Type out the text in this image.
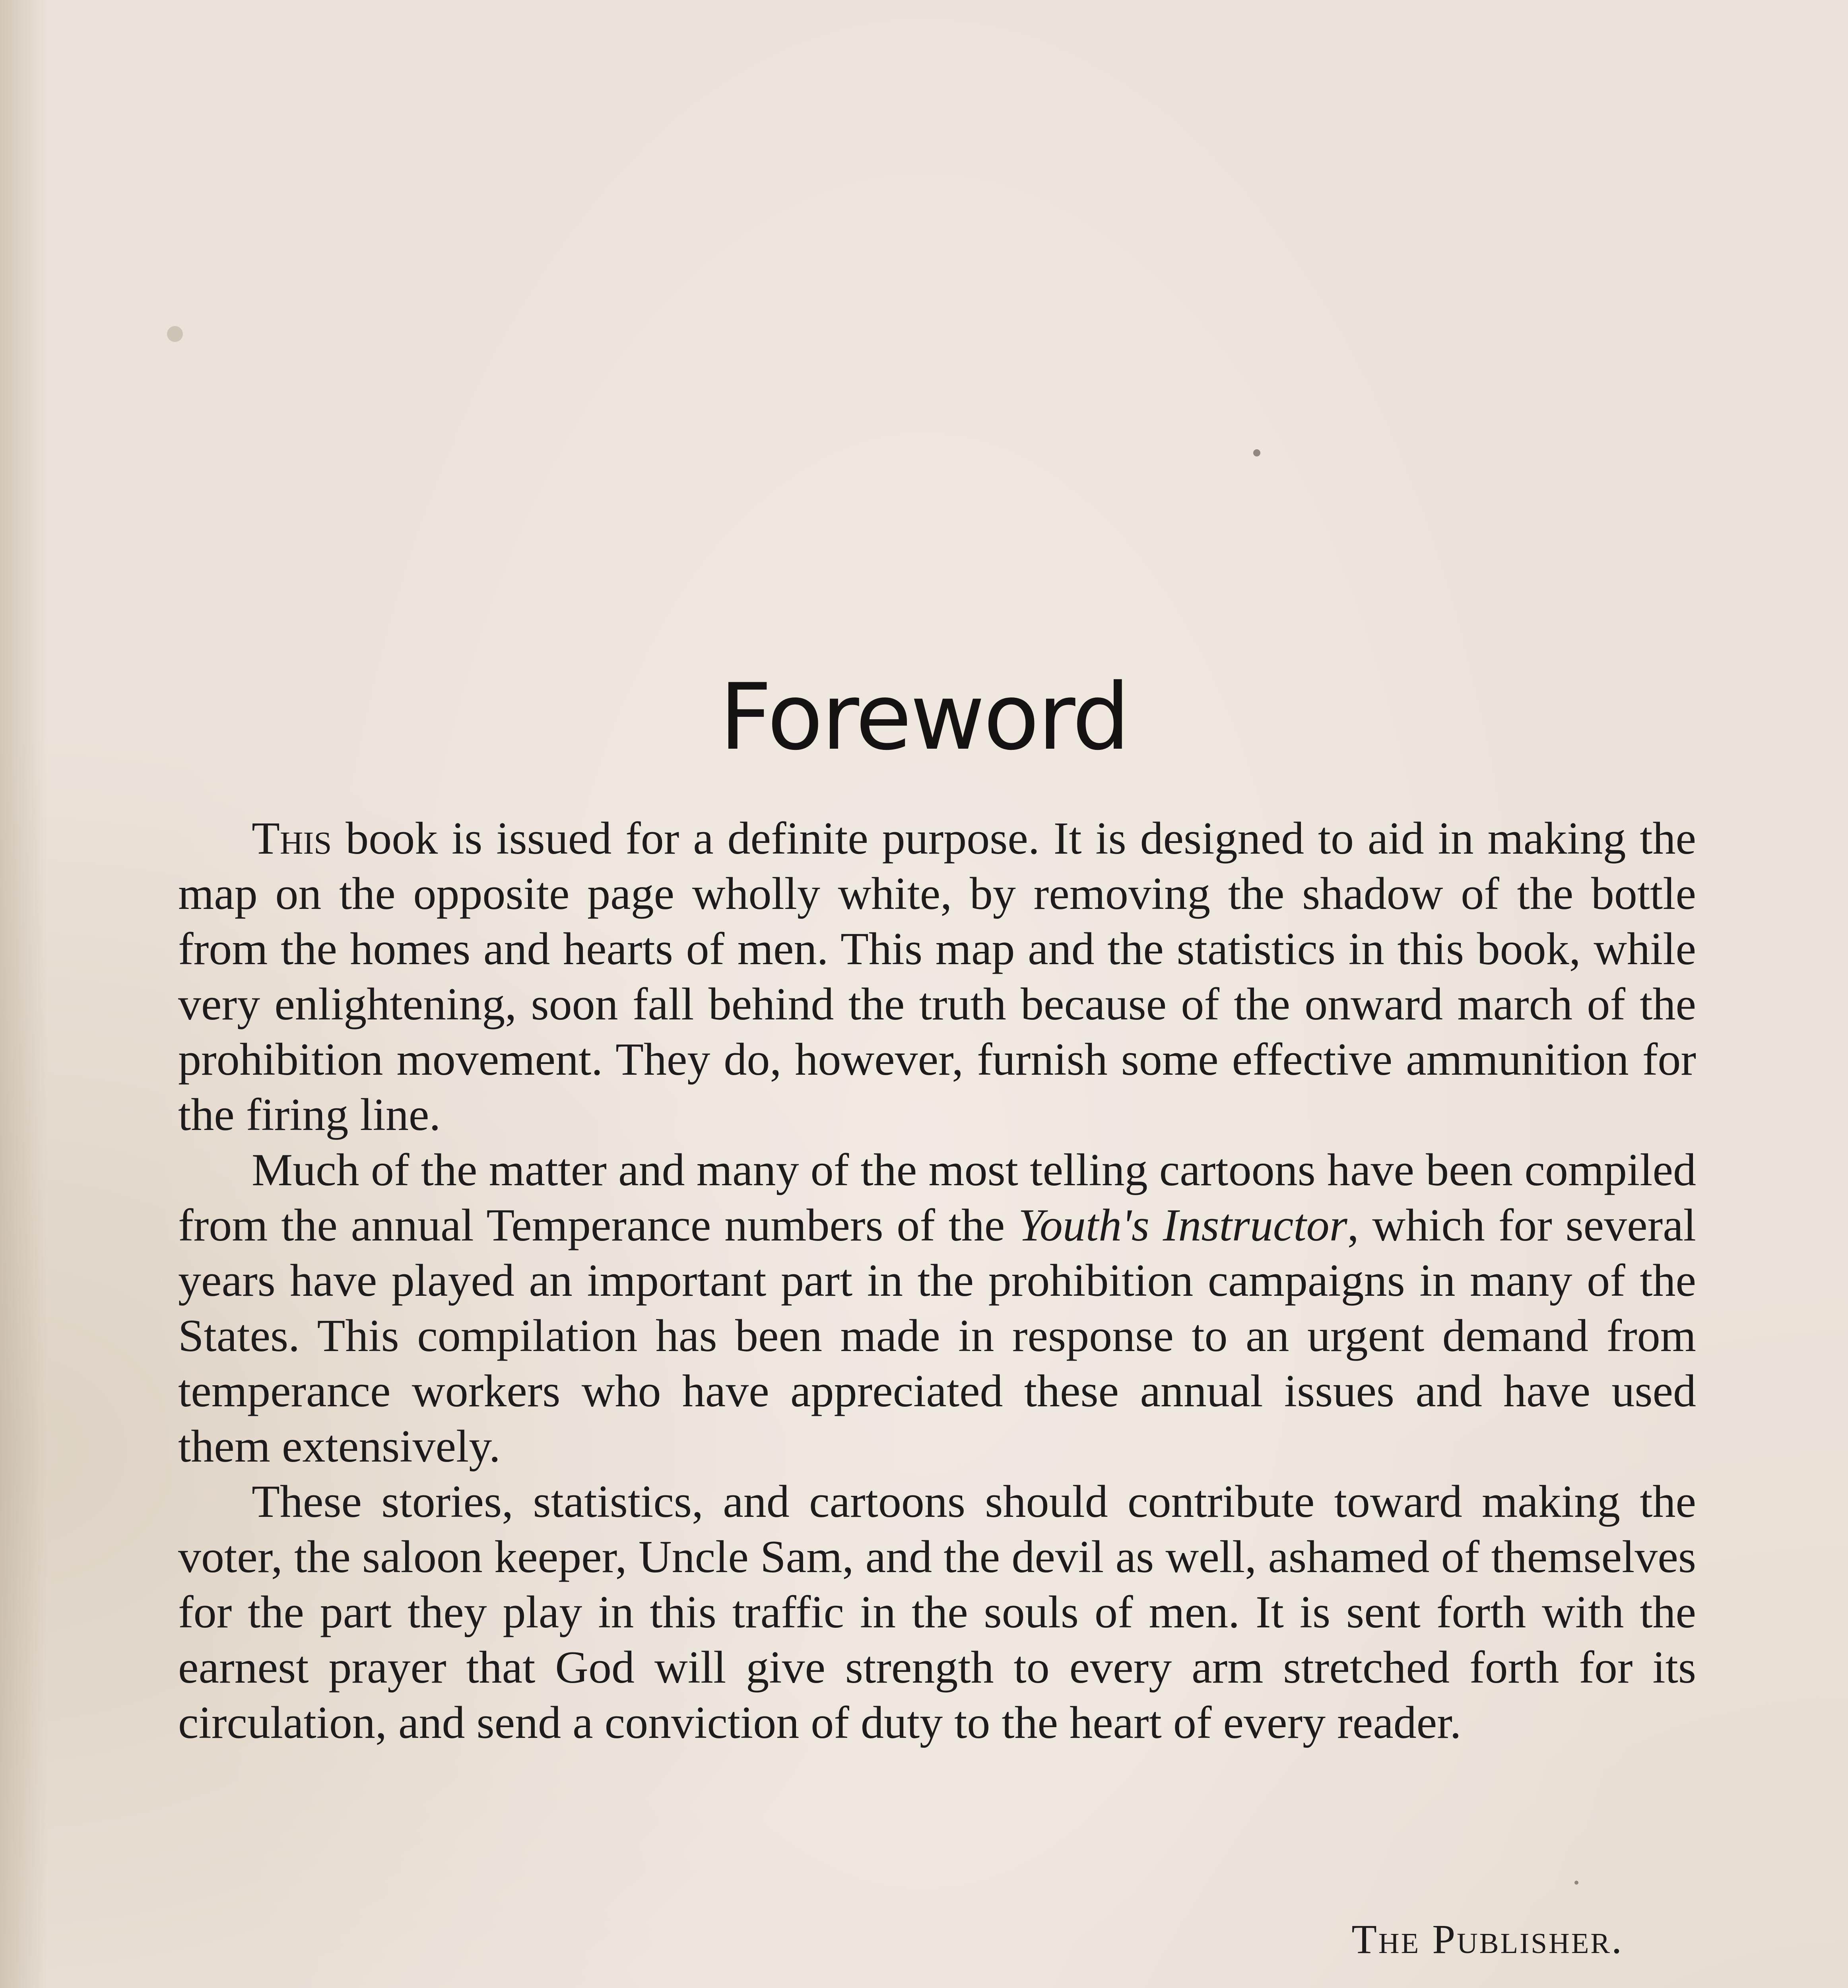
Foreword

This book is issued for a definite purpose. It is designed to aid in making the map on the opposite page wholly white, by removing the shadow of the bottle from the homes and hearts of men. This map and the statistics in this book, while very enlightening, soon fall behind the truth because of the onward march of the prohibition movement. They do, however, furnish some effective ammunition for the firing line.

Much of the matter and many of the most telling cartoons have been compiled from the annual Temperance numbers of the Youth's Instructor, which for several years have played an important part in the prohibition campaigns in many of the States. This compilation has been made in response to an urgent demand from temperance workers who have appreciated these annual issues and have used them extensively.

These stories, statistics, and cartoons should contribute toward making the voter, the saloon keeper, Uncle Sam, and the devil as well, ashamed of themselves for the part they play in this traffic in the souls of men. It is sent forth with the earnest prayer that God will give strength to every arm stretched forth for its circulation, and send a conviction of duty to the heart of every reader.

The Publisher.
